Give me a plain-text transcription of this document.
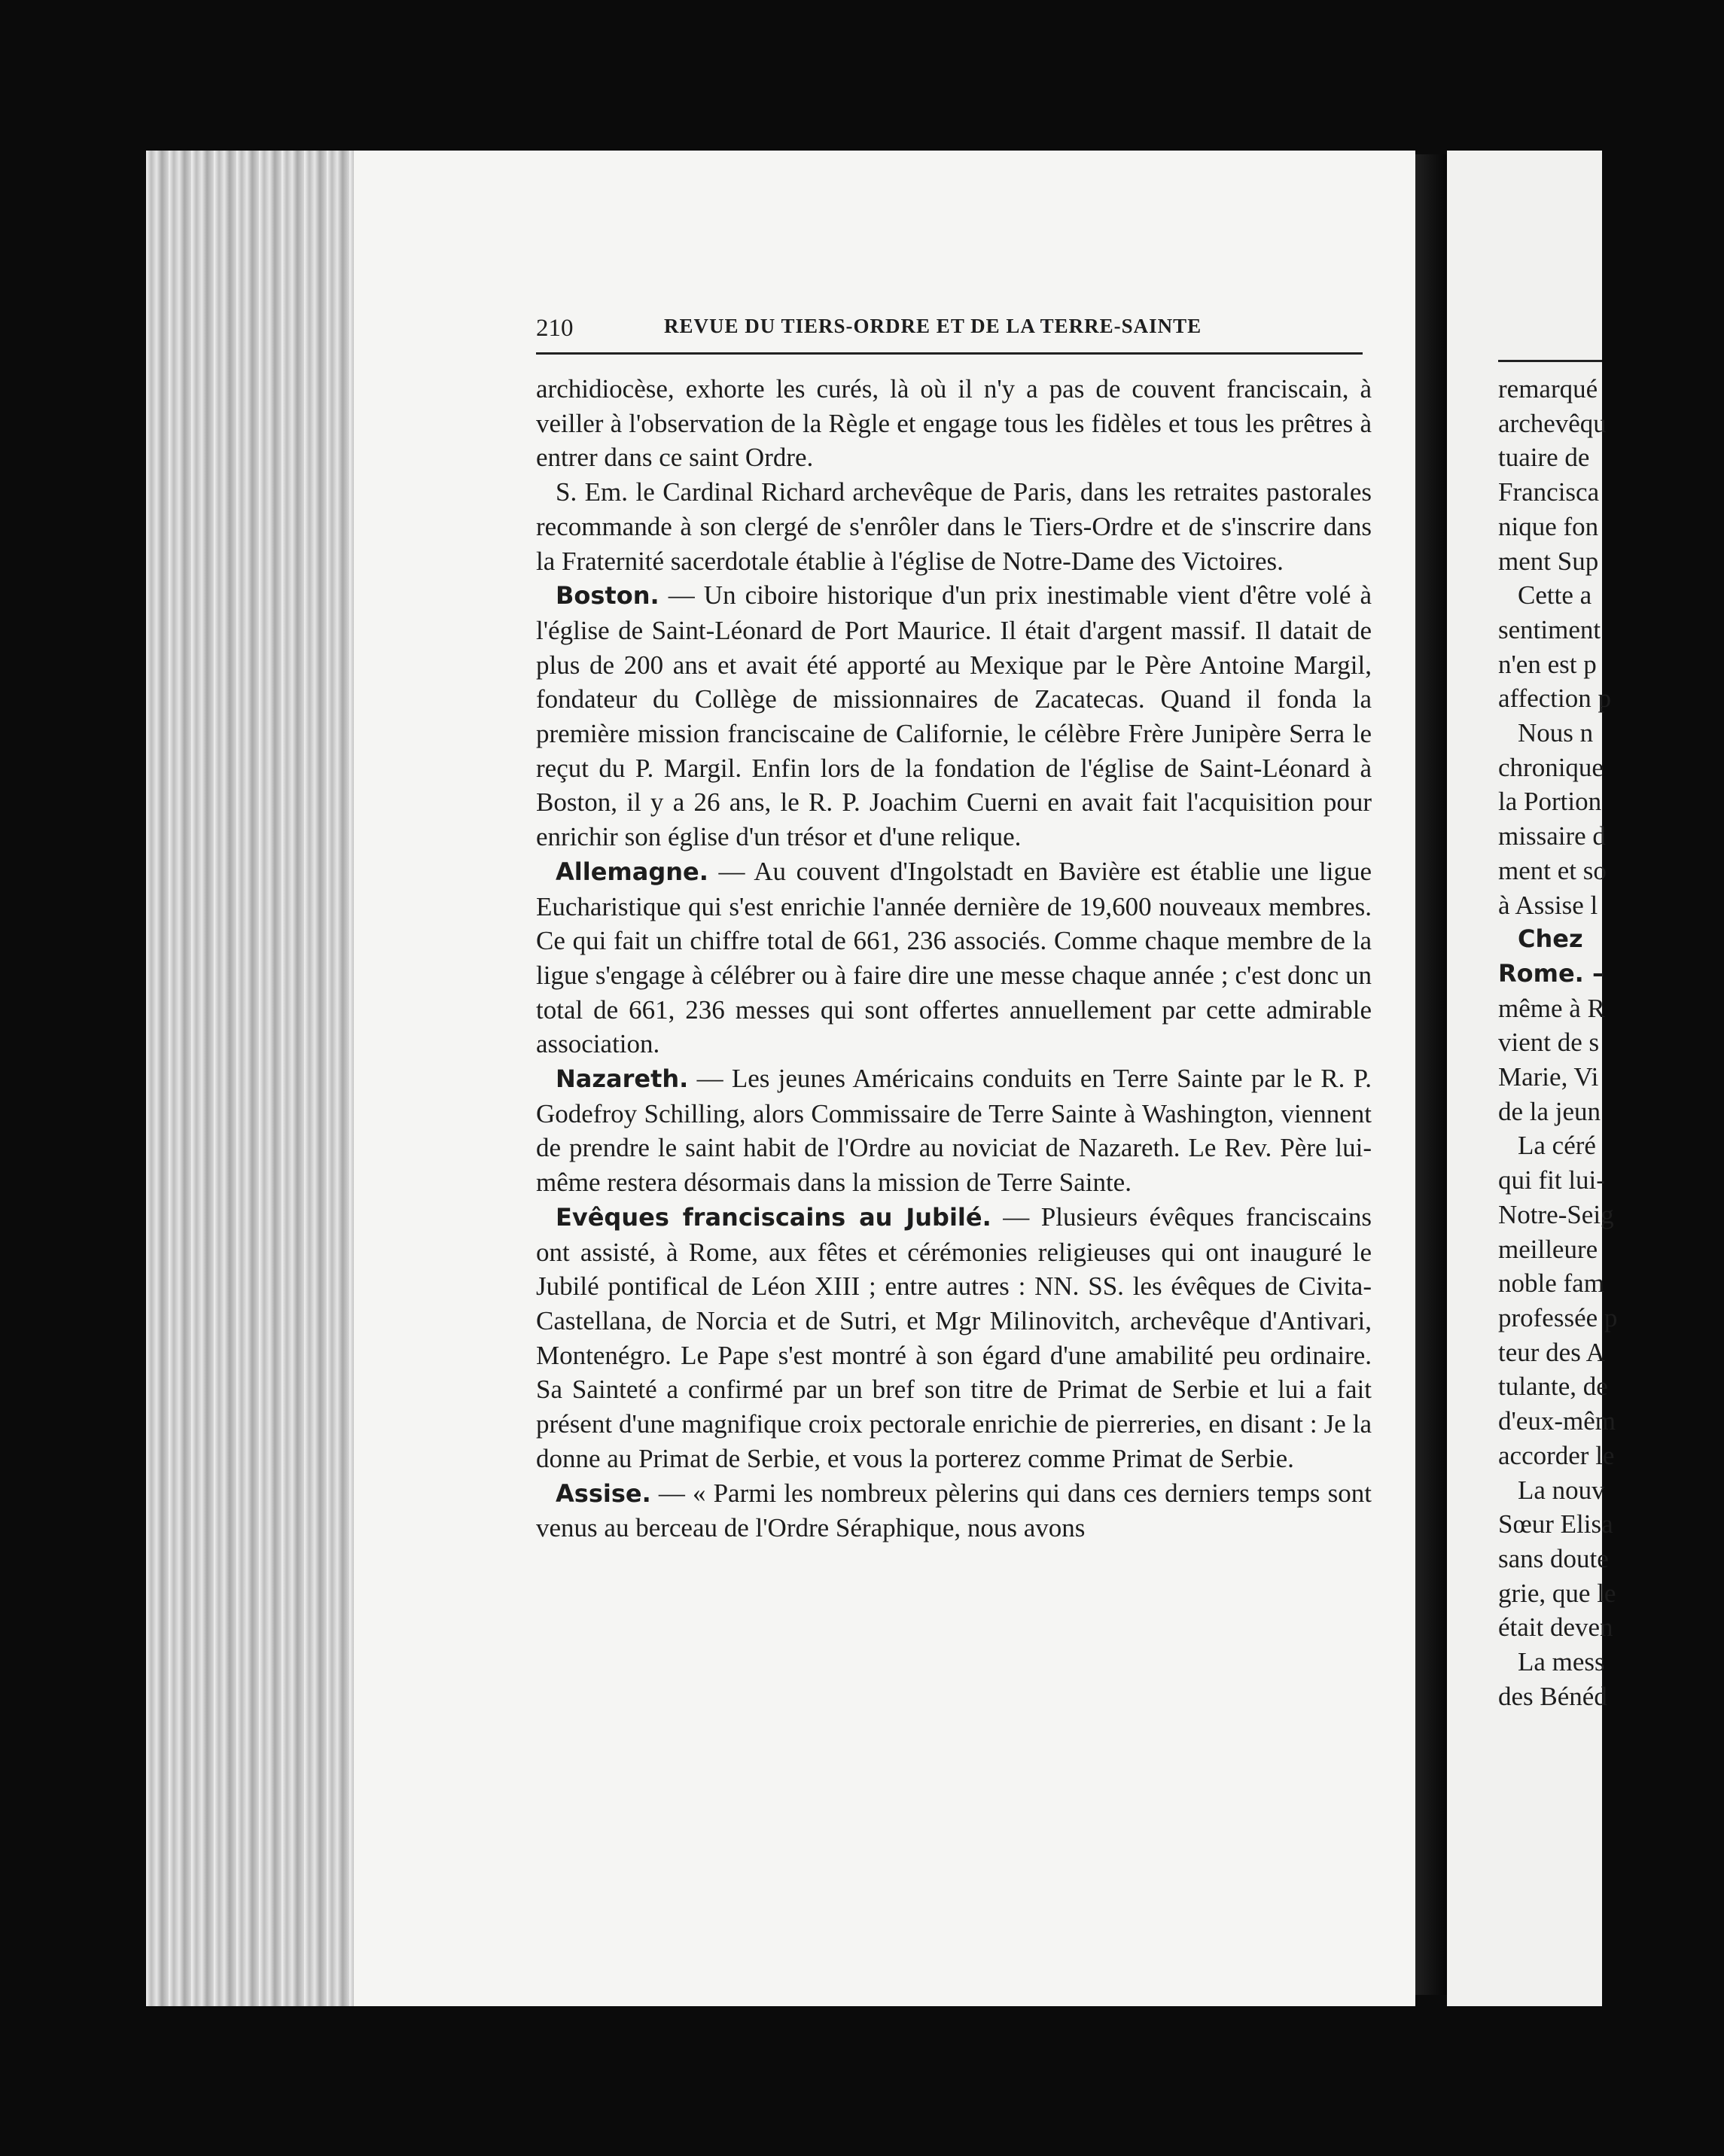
210	REVUE DU TIERS-ORDRE ET DE LA TERRE-SAINTE

archidiocèse, exhorte les curés, là où il n'y a pas de couvent franciscain, à veiller à l'observation de la Règle et engage tous les fidèles et tous les prêtres à entrer dans ce saint Ordre.

S. Em. le Cardinal Richard archevêque de Paris, dans les retraites pastorales recommande à son clergé de s'enrôler dans le Tiers-Ordre et de s'inscrire dans la Fraternité sacerdotale établie à l'église de Notre-Dame des Victoires.

Boston. — Un ciboire historique d'un prix inestimable vient d'être volé à l'église de Saint-Léonard de Port Maurice. Il était d'argent massif. Il datait de plus de 200 ans et avait été apporté au Mexique par le Père Antoine Margil, fondateur du Collège de missionnaires de Zacatecas. Quand il fonda la première mission franciscaine de Californie, le célèbre Frère Junipère Serra le reçut du P. Margil. Enfin lors de la fondation de l'église de Saint-Léonard à Boston, il y a 26 ans, le R. P. Joachim Cuerni en avait fait l'acquisition pour enrichir son église d'un trésor et d'une relique.

Allemagne. — Au couvent d'Ingolstadt en Bavière est établie une ligue Eucharistique qui s'est enrichie l'année dernière de 19,600 nouveaux membres. Ce qui fait un chiffre total de 661, 236 associés. Comme chaque membre de la ligue s'engage à célébrer ou à faire dire une messe chaque année ; c'est donc un total de 661, 236 messes qui sont offertes annuellement par cette admirable association.

Nazareth. — Les jeunes Américains conduits en Terre Sainte par le R. P. Godefroy Schilling, alors Commissaire de Terre Sainte à Washington, viennent de prendre le saint habit de l'Ordre au noviciat de Nazareth. Le Rev. Père lui-même restera désormais dans la mission de Terre Sainte.

Evêques franciscains au Jubilé. — Plusieurs évêques franciscains ont assisté, à Rome, aux fêtes et cérémonies religieuses qui ont inauguré le Jubilé pontifical de Léon XIII ; entre autres : NN. SS. les évêques de Civita-Castellana, de Norcia et de Sutri, et Mgr Milinovitch, archevêque d'Antivari, Montenégro. Le Pape s'est montré à son égard d'une amabilité peu ordinaire. Sa Sainteté a confirmé par un bref son titre de Primat de Serbie et lui a fait présent d'une magnifique croix pectorale enrichie de pierreries, en disant : Je la donne au Primat de Serbie, et vous la porterez comme Primat de Serbie.

Assise. — « Parmi les nombreux pèlerins qui dans ces derniers temps sont venus au berceau de l'Ordre Séraphique, nous avons

remarqué
archevêqu
tuaire de
Francisca
nique fon
ment Sup
Cette a
sentiment
n'en est p
affection p
Nous n
chronique
la Portion
missaire d
ment et so
à Assise l
Chez
Rome. –
même à R
vient de s
Marie, Vi
de la jeun
La céré
qui fit lui-
Notre-Seig
meilleure
noble fam
professée p
teur des A
tulante, de
d'eux-mêm
accorder le
La nouv
Sœur Elisa
sans doute
grie, que le
était deven
La mess
des Bénéd
